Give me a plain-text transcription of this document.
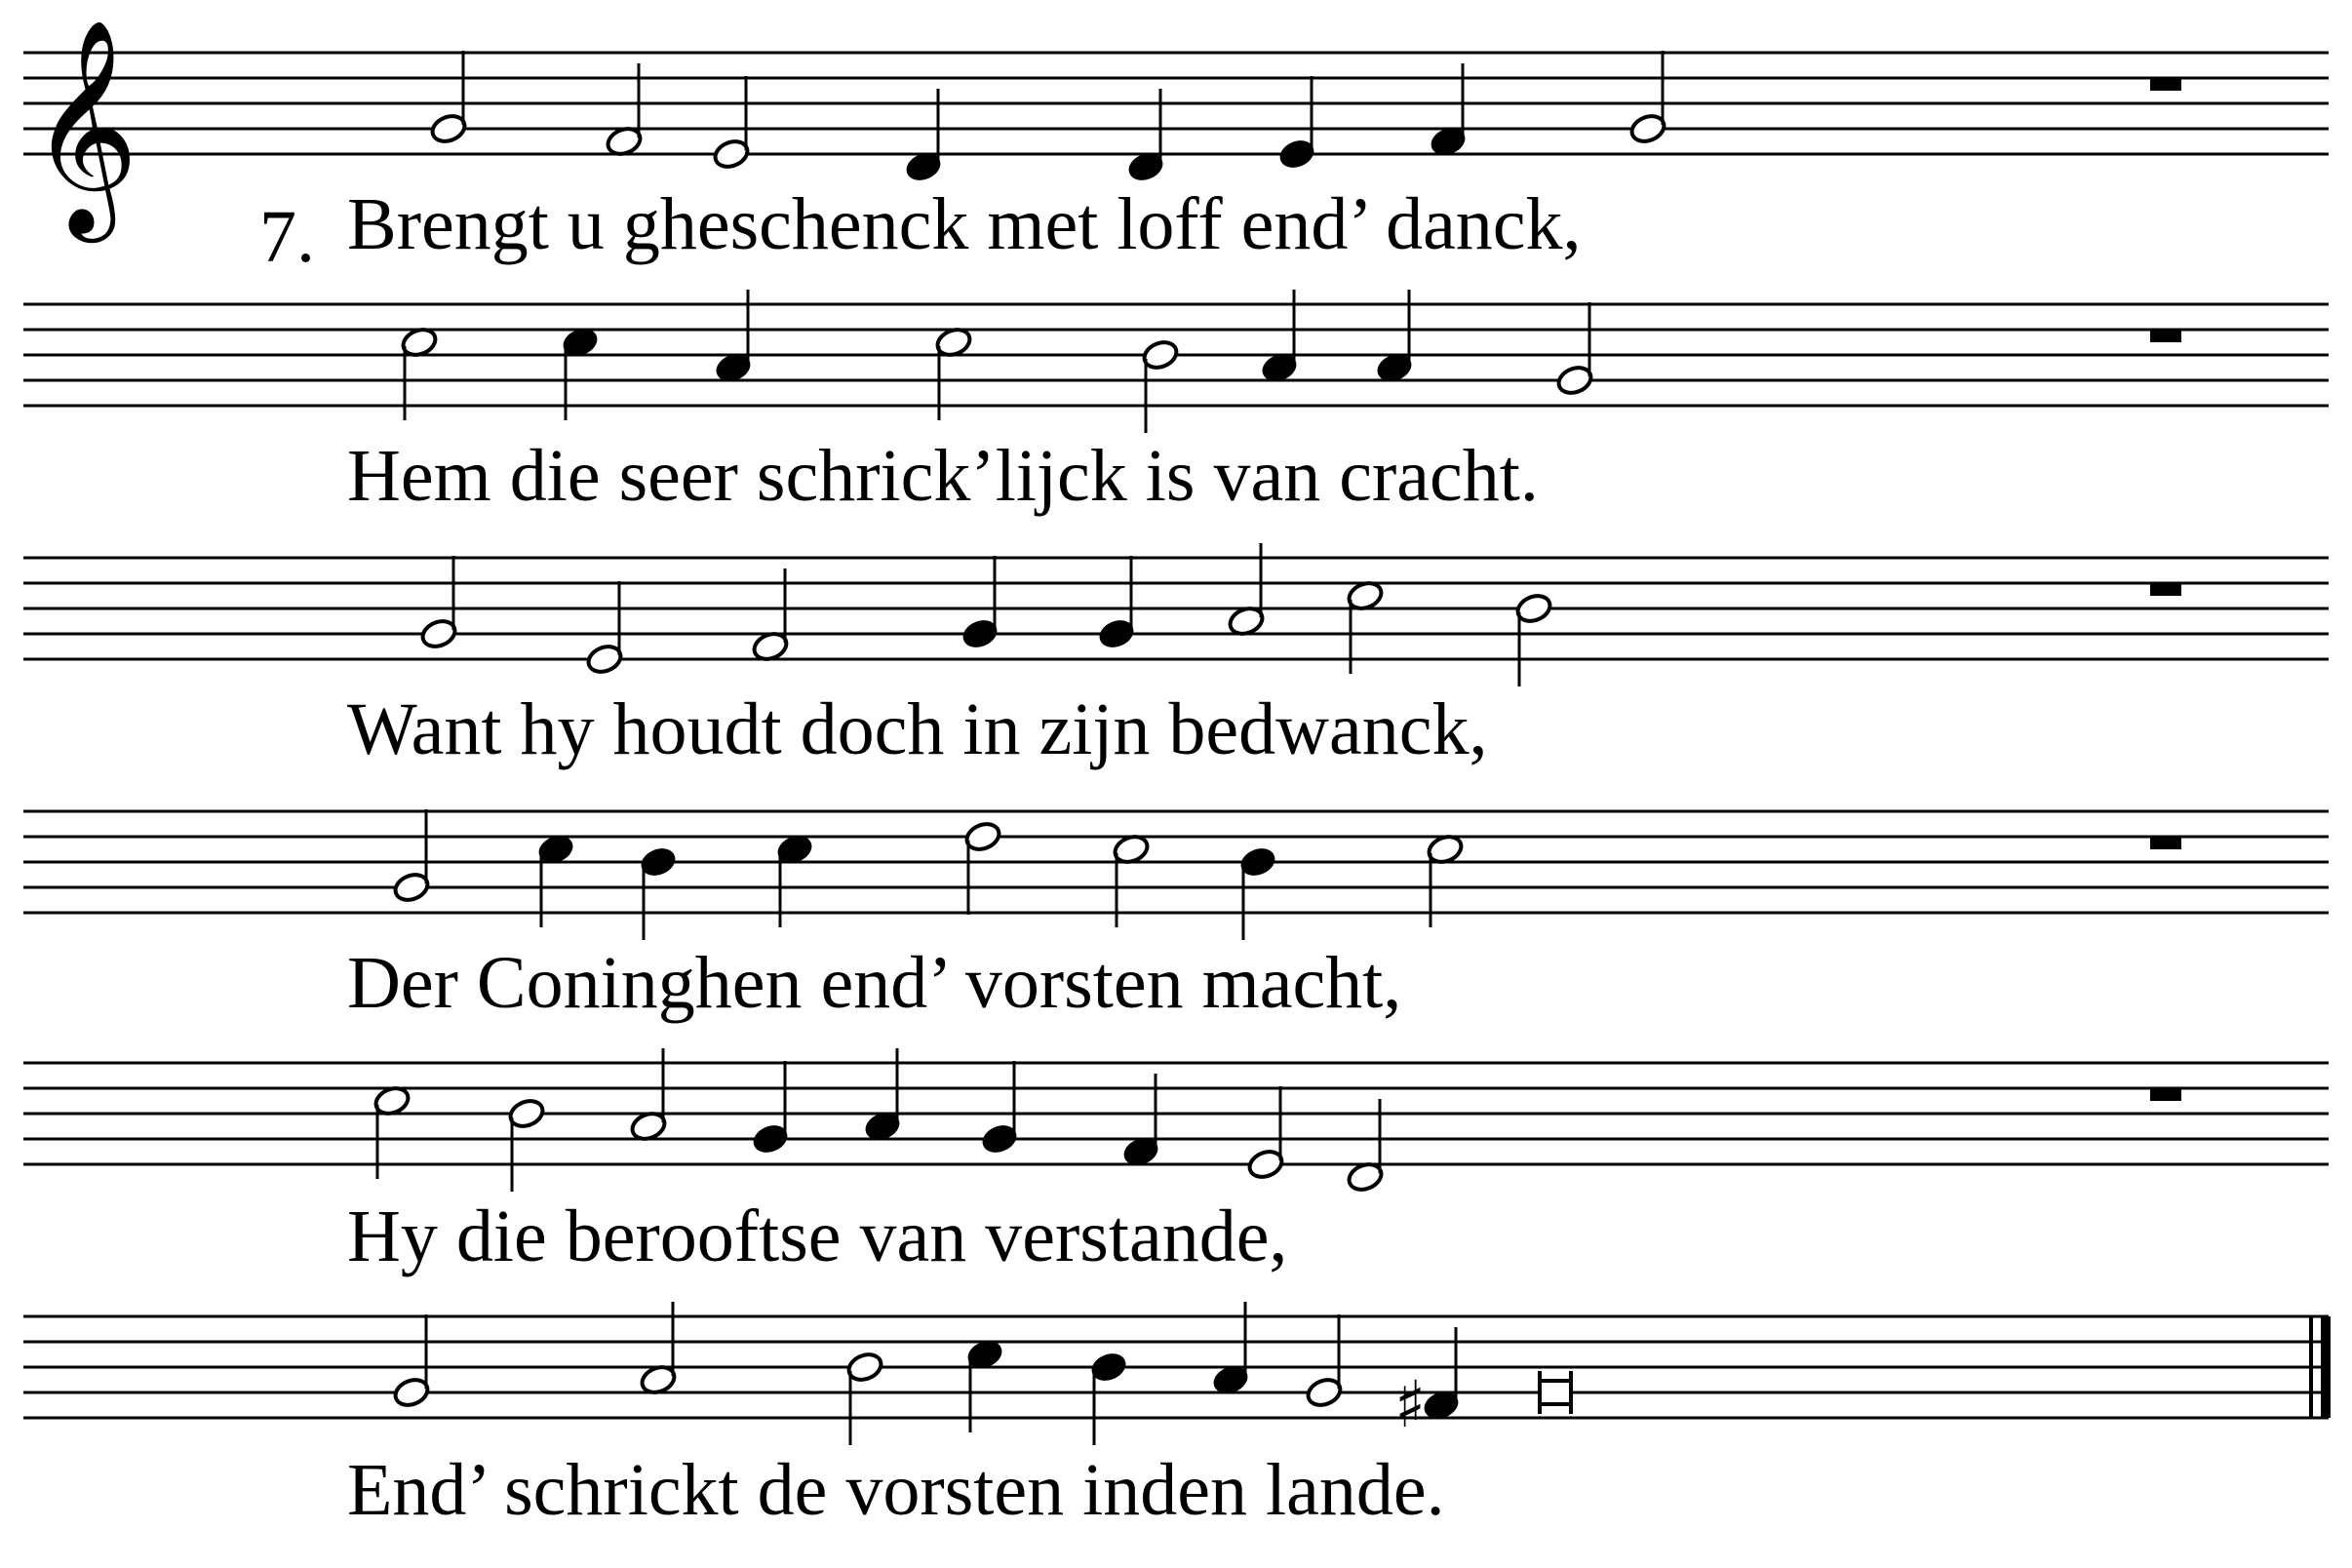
𝄞
♯
7. Brengt u gheschenck met loff end’ danck,
Hem die seer schrick’lijck is van cracht.
Want hy houdt doch in zijn bedwanck,
Der Coninghen end’ vorsten macht,
Hy die berooftse van verstande,
End’ schrickt de vorsten inden lande.
